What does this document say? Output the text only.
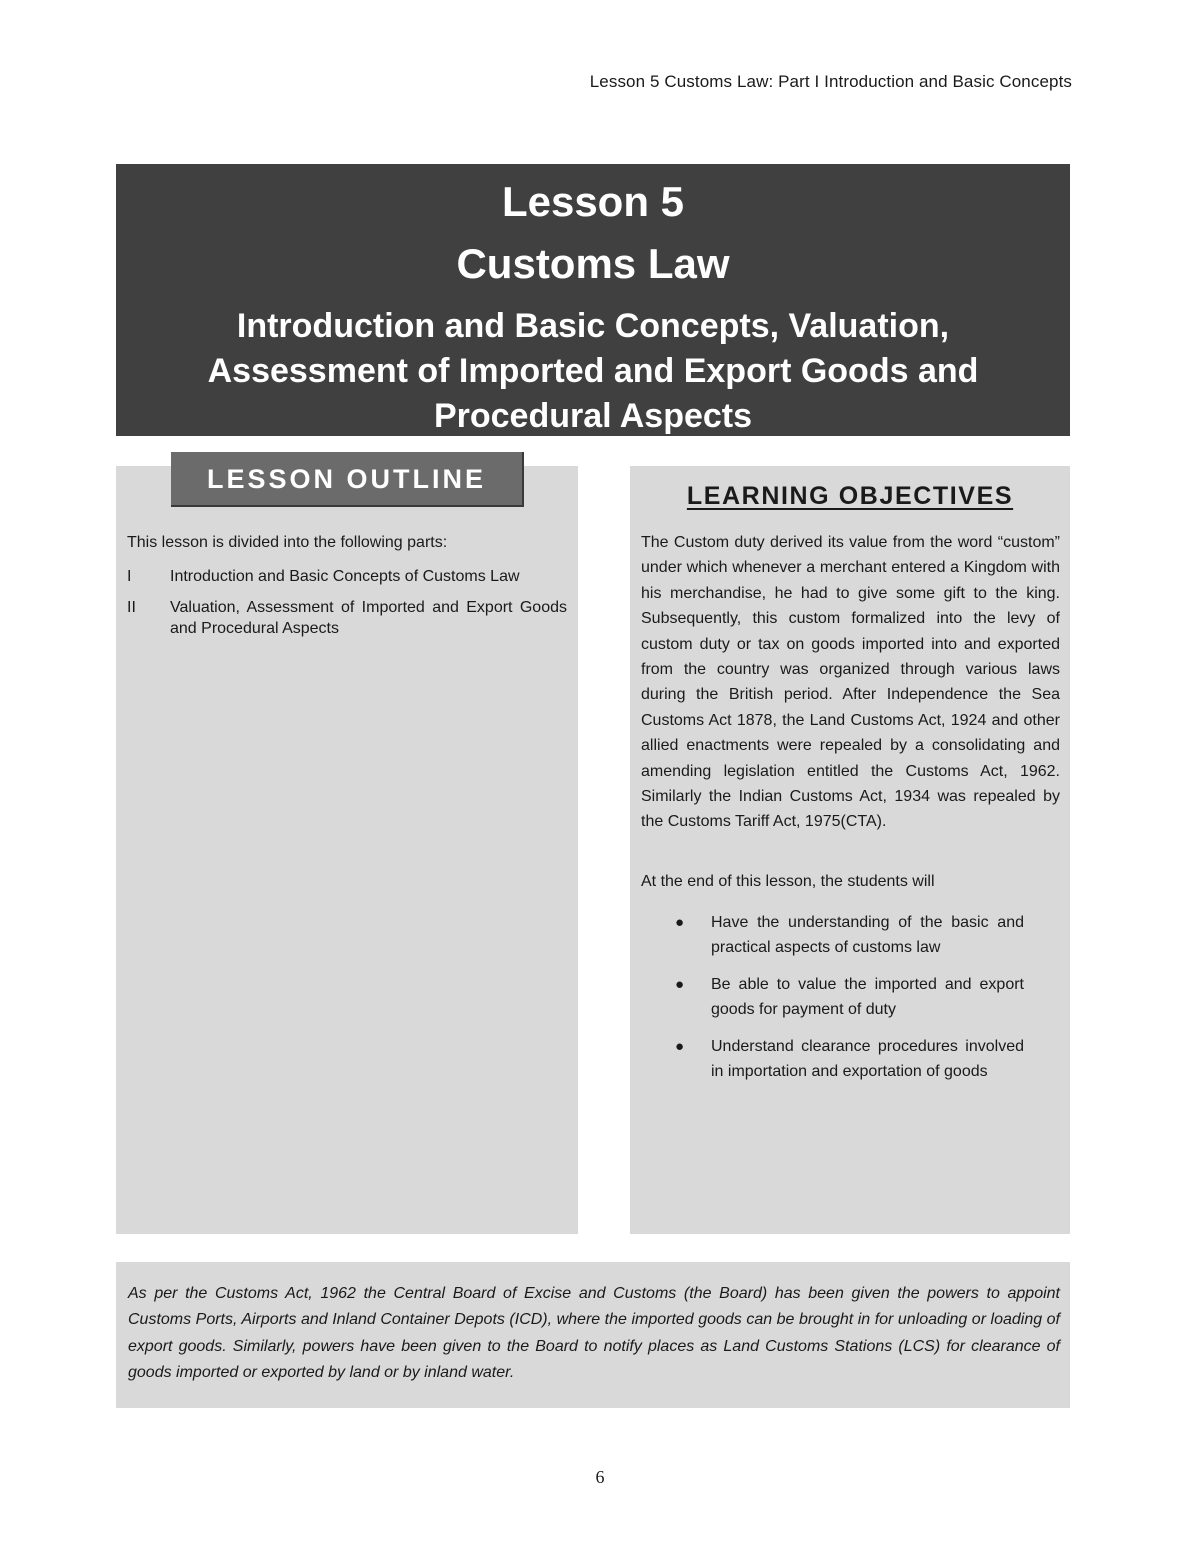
Lesson 5 Customs Law: Part I Introduction and Basic Concepts
Lesson 5
Customs Law
Introduction and Basic Concepts, Valuation, Assessment of Imported and Export Goods and Procedural Aspects
LESSON OUTLINE
This lesson is divided into the following parts:
I	Introduction and Basic Concepts of Customs Law
II	Valuation, Assessment of Imported and Export Goods and Procedural Aspects
LEARNING OBJECTIVES

The Custom duty derived its value from the word “custom” under which whenever a merchant entered a Kingdom with his merchandise, he had to give some gift to the king. Subsequently, this custom formalized into the levy of custom duty or tax on goods imported into and exported from the country was organized through various laws during the British period. After Independence the Sea Customs Act 1878, the Land Customs Act, 1924 and other allied enactments were repealed by a consolidating and amending legislation entitled the Customs Act, 1962. Similarly the Indian Customs Act, 1934 was repealed by the Customs Tariff Act, 1975(CTA).

At the end of this lesson, the students will
●	Have the understanding of the basic and practical aspects of customs law
●	Be able to value the imported and export goods for payment of duty
●	Understand clearance procedures involved in importation and exportation of goods

As per the Customs Act, 1962 the Central Board of Excise and Customs (the Board) has been given the powers to appoint Customs Ports, Airports and Inland Container Depots (ICD), where the imported goods can be brought in for unloading or loading of export goods. Similarly, powers have been given to the Board to notify places as Land Customs Stations (LCS) for clearance of goods imported or exported by land or by inland water.

6
